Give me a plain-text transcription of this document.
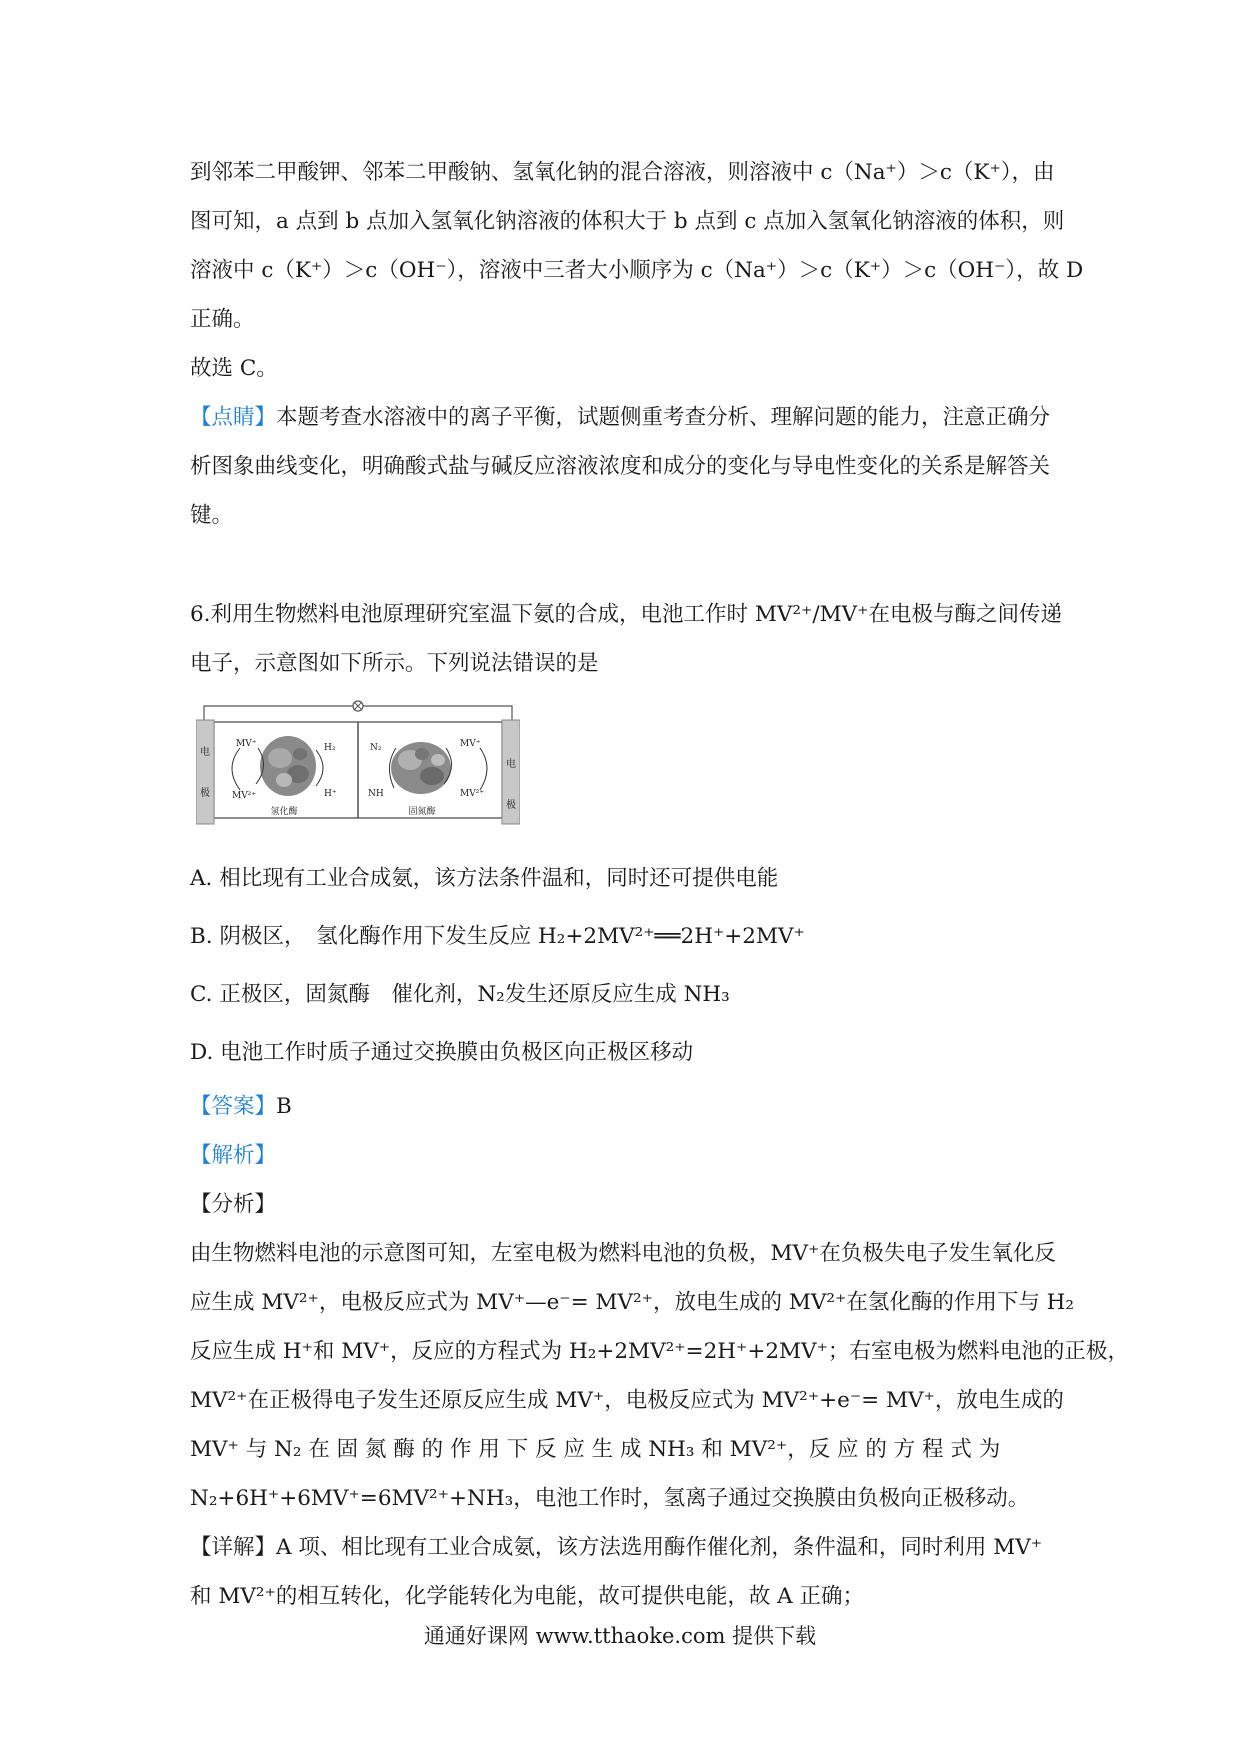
到邻苯二甲酸钾、邻苯二甲酸钠、氢氧化钠的混合溶液，则溶液中 c（Na⁺）＞c（K⁺），由
图可知，a 点到 b 点加入氢氧化钠溶液的体积大于 b 点到 c 点加入氢氧化钠溶液的体积，则
溶液中 c（K⁺）＞c（OH⁻），溶液中三者大小顺序为 c（Na⁺）＞c（K⁺）＞c（OH⁻），故 D
正确。
故选 C。
【点睛】本题考查水溶液中的离子平衡，试题侧重考查分析、理解问题的能力，注意正确分
析图象曲线变化，明确酸式盐与碱反应溶液浓度和成分的变化与导电性变化的关系是解答关
键。
6.利用生物燃料电池原理研究室温下氨的合成，电池工作时 MV²⁺/MV⁺在电极与酶之间传递
电子，示意图如下所示。下列说法错误的是
电
极
电
极
MV⁺
MV²⁺
H₂
H⁺
氢化酶
N₂
NH
MV⁺
MV²⁺
固氮酶
A. 相比现有工业合成氨，该方法条件温和，同时还可提供电能
B. 阴极区，　氢化酶作用下发生反应 H₂+2MV²⁺══2H⁺+2MV⁺
C. 正极区，固氮酶　催化剂，N₂发生还原反应生成 NH₃
D. 电池工作时质子通过交换膜由负极区向正极区移动
【答案】B
【解析】
【分析】
由生物燃料电池的示意图可知，左室电极为燃料电池的负极，MV⁺在负极失电子发生氧化反
应生成 MV²⁺，电极反应式为 MV⁺—e⁻= MV²⁺，放电生成的 MV²⁺在氢化酶的作用下与 H₂
反应生成 H⁺和 MV⁺，反应的方程式为 H₂+2MV²⁺=2H⁺+2MV⁺；右室电极为燃料电池的正极，
MV²⁺在正极得电子发生还原反应生成 MV⁺，电极反应式为 MV²⁺+e⁻= MV⁺，放电生成的
MV⁺ 与 N₂ 在 固 氮 酶 的 作 用 下 反 应 生 成 NH₃ 和 MV²⁺，反 应 的 方 程 式 为
N₂+6H⁺+6MV⁺=6MV²⁺+NH₃，电池工作时，氢离子通过交换膜由负极向正极移动。
【详解】A 项、相比现有工业合成氨，该方法选用酶作催化剂，条件温和，同时利用 MV⁺
和 MV²⁺的相互转化，化学能转化为电能，故可提供电能，故 A 正确；
通通好课网 www.tthaoke.com 提供下载
